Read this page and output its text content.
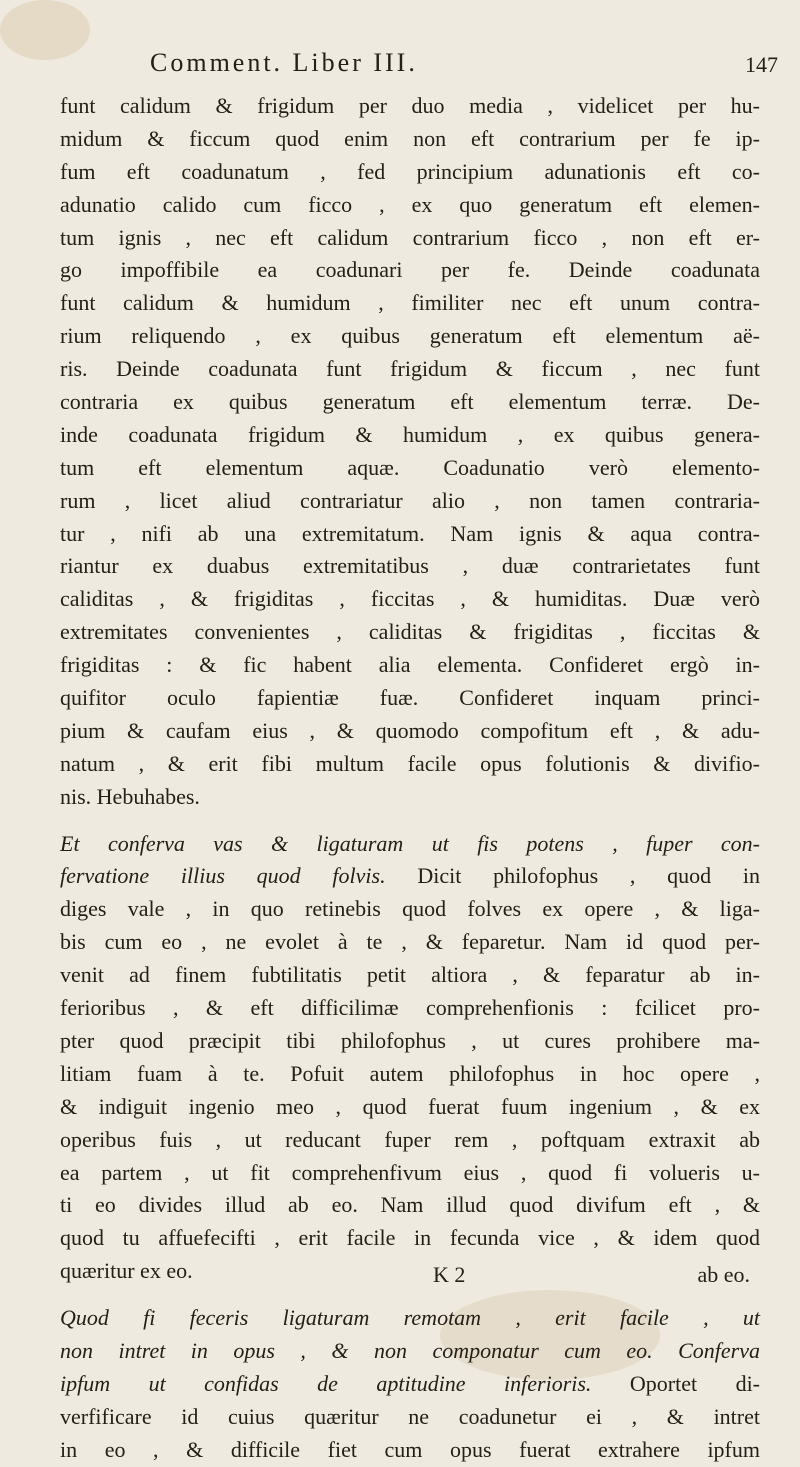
Comment. Liber III.	147
funt calidum & frigidum per duo media , videlicet per hu-
midum & ficcum quod enim non eft contrarium per fe ip-
fum eft coadunatum , fed principium adunationis eft co-
adunatio calido cum ficco , ex quo generatum eft elemen-
tum ignis , nec eft calidum contrarium ficco , non eft er-
go impoffibile ea coadunari per fe. Deinde coadunata
funt calidum & humidum , fimiliter nec eft unum contra-
rium reliquendo , ex quibus generatum eft elementum aë-
ris. Deinde coadunata funt frigidum & ficcum , nec funt
contraria ex quibus generatum eft elementum terræ. De-
inde coadunata frigidum & humidum , ex quibus genera-
tum eft elementum aquæ. Coadunatio verò elemento-
rum , licet aliud contrariatur alio , non tamen contraria-
tur , nifi ab una extremitatum. Nam ignis & aqua contra-
riantur ex duabus extremitatibus , duæ contrarietates funt
caliditas , & frigiditas , ficcitas , & humiditas. Duæ verò
extremitates convenientes , caliditas & frigiditas , ficcitas &
frigiditas : & fic habent alia elementa. Confideret ergò in-
quifitor oculo fapientiæ fuæ. Confideret inquam princi-
pium & caufam eius , & quomodo compofitum eft , & adu-
natum , & erit fibi multum facile opus folutionis & divifio-
nis. Hebuhabes.
Et conferva vas & ligaturam ut fis potens , fuper con-
fervatione illius quod folvis. Dicit philofophus , quod in
diges vale , in quo retinebis quod folves ex opere , & liga-
bis cum eo , ne evolet à te , & feparetur. Nam id quod per-
venit ad finem fubtilitatis petit altiora , & feparatur ab in-
ferioribus , & eft difficilimæ comprehenfionis : fcilicet pro-
pter quod præcipit tibi philofophus , ut cures prohibere ma-
litiam fuam à te. Pofuit autem philofophus in hoc opere ,
& indiguit ingenio meo , quod fuerat fuum ingenium , & ex
operibus fuis , ut reducant fuper rem , poftquam extraxit ab
ea partem , ut fit comprehenfivum eius , quod fi volueris u-
ti eo divides illud ab eo. Nam illud quod divifum eft , &
quod tu affuefecifti , erit facile in fecunda vice , & idem quod
quæritur ex eo.
Quod fi feceris ligaturam remotam , erit facile , ut
non intret in opus , & non componatur cum eo. Conferva
ipfum ut confidas de aptitudine inferioris. Oportet di-
verfificare id cuius quæritur ne coadunetur ei , & intret
in eo , & difficile fiet cum opus fuerat extrahere ipfum
K 2	ab eo.
